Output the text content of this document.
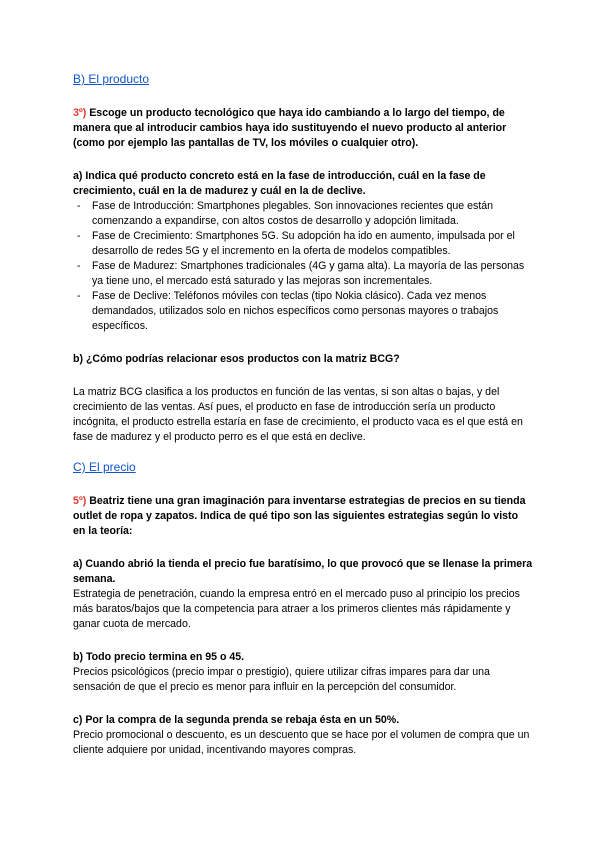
B) El producto

3º) Escoge un producto tecnológico que haya ido cambiando a lo largo del tiempo, de manera que al introducir cambios haya ido sustituyendo el nuevo producto al anterior (como por ejemplo las pantallas de TV, los móviles o cualquier otro).

a) Indica qué producto concreto está en la fase de introducción, cuál en la fase de crecimiento, cuál en la de madurez y cuál en la de declive.

- Fase de Introducción: Smartphones plegables. Son innovaciones recientes que están comenzando a expandirse, con altos costos de desarrollo y adopción limitada.
- Fase de Crecimiento: Smartphones 5G. Su adopción ha ido en aumento, impulsada por el desarrollo de redes 5G y el incremento en la oferta de modelos compatibles.
- Fase de Madurez: Smartphones tradicionales (4G y gama alta). La mayoría de las personas ya tiene uno, el mercado está saturado y las mejoras son incrementales.
- Fase de Declive: Teléfonos móviles con teclas (tipo Nokia clásico). Cada vez menos demandados, utilizados solo en nichos específicos como personas mayores o trabajos específicos.

b) ¿Cómo podrías relacionar esos productos con la matriz BCG?

La matriz BCG clasifica a los productos en función de las ventas, si son altas o bajas, y del crecimiento de las ventas. Así pues, el producto en fase de introducción sería un producto incógnita, el producto estrella estaría en fase de crecimiento, el producto vaca es el que está en fase de madurez y el producto perro es el que está en declive.

C) El precio

5º) Beatriz tiene una gran imaginación para inventarse estrategias de precios en su tienda outlet de ropa y zapatos. Indica de qué tipo son las siguientes estrategias según lo visto en la teoría:

a) Cuando abrió la tienda el precio fue baratísimo, lo que provocó que se llenase la primera semana.

Estrategia de penetración, cuando la empresa entró en el mercado puso al principio los precios más baratos/bajos que la competencia para atraer a los primeros clientes más rápidamente y ganar cuota de mercado.

b) Todo precio termina en 95 o 45.

Precios psicológicos (precio impar o prestigio), quiere utilizar cifras impares para dar una sensación de que el precio es menor para influir en la percepción del consumidor.

c) Por la compra de la segunda prenda se rebaja ésta en un 50%.

Precio promocional o descuento, es un descuento que se hace por el volumen de compra que un cliente adquiere por unidad, incentivando mayores compras.
